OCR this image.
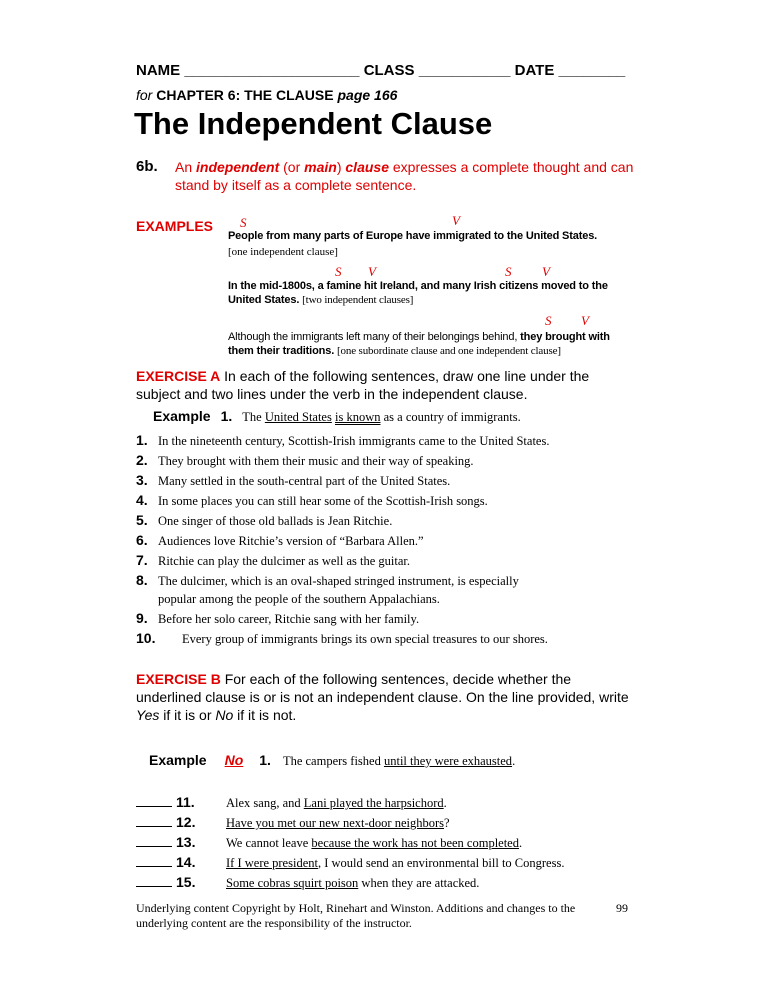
NAME _____________________ CLASS ___________ DATE ________
for CHAPTER 6: THE CLAUSE page 166
The Independent Clause
6b. An independent (or main) clause expresses a complete thought and can stand by itself as a complete sentence.
EXAMPLES
People from many parts of Europe have immigrated to the United States.
[one independent clause]
In the mid-1800s, a famine hit Ireland, and many Irish citizens moved to the United States. [two independent clauses]
Although the immigrants left many of their belongings behind, they brought with them their traditions. [one subordinate clause and one independent clause]
S	V
S V	S V
S V
EXERCISE A In each of the following sentences, draw one line under the subject and two lines under the verb in the independent clause.
Example 1. The United States is known as a country of immigrants.
1. In the nineteenth century, Scottish-Irish immigrants came to the United States.
2. They brought with them their music and their way of speaking.
3. Many settled in the south-central part of the United States.
4. In some places you can still hear some of the Scottish-Irish songs.
5. One singer of those old ballads is Jean Ritchie.
6. Audiences love Ritchie’s version of “Barbara Allen.”
7. Ritchie can play the dulcimer as well as the guitar.
8. The dulcimer, which is an oval-shaped stringed instrument, is especially
popular among the people of the southern Appalachians.
9. Before her solo career, Ritchie sang with her family.
10. Every group of immigrants brings its own special treasures to our shores.
EXERCISE B For each of the following sentences, decide whether the underlined clause is or is not an independent clause. On the line provided, write Yes if it is or No if it is not.
Example No 1. The campers fished until they were exhausted.
11.	Alex sang, and Lani played the harpsichord.
12. Have you met our new next-door neighbors?
13. We cannot leave because the work has not been completed.
14. If I were president, I would send an environmental bill to Congress.
15. Some cobras squirt poison when they are attacked.
Underlying content Copyright by Holt, Rinehart and Winston. Additions and changes to the underlying content are the responsibility of the instructor.
99
